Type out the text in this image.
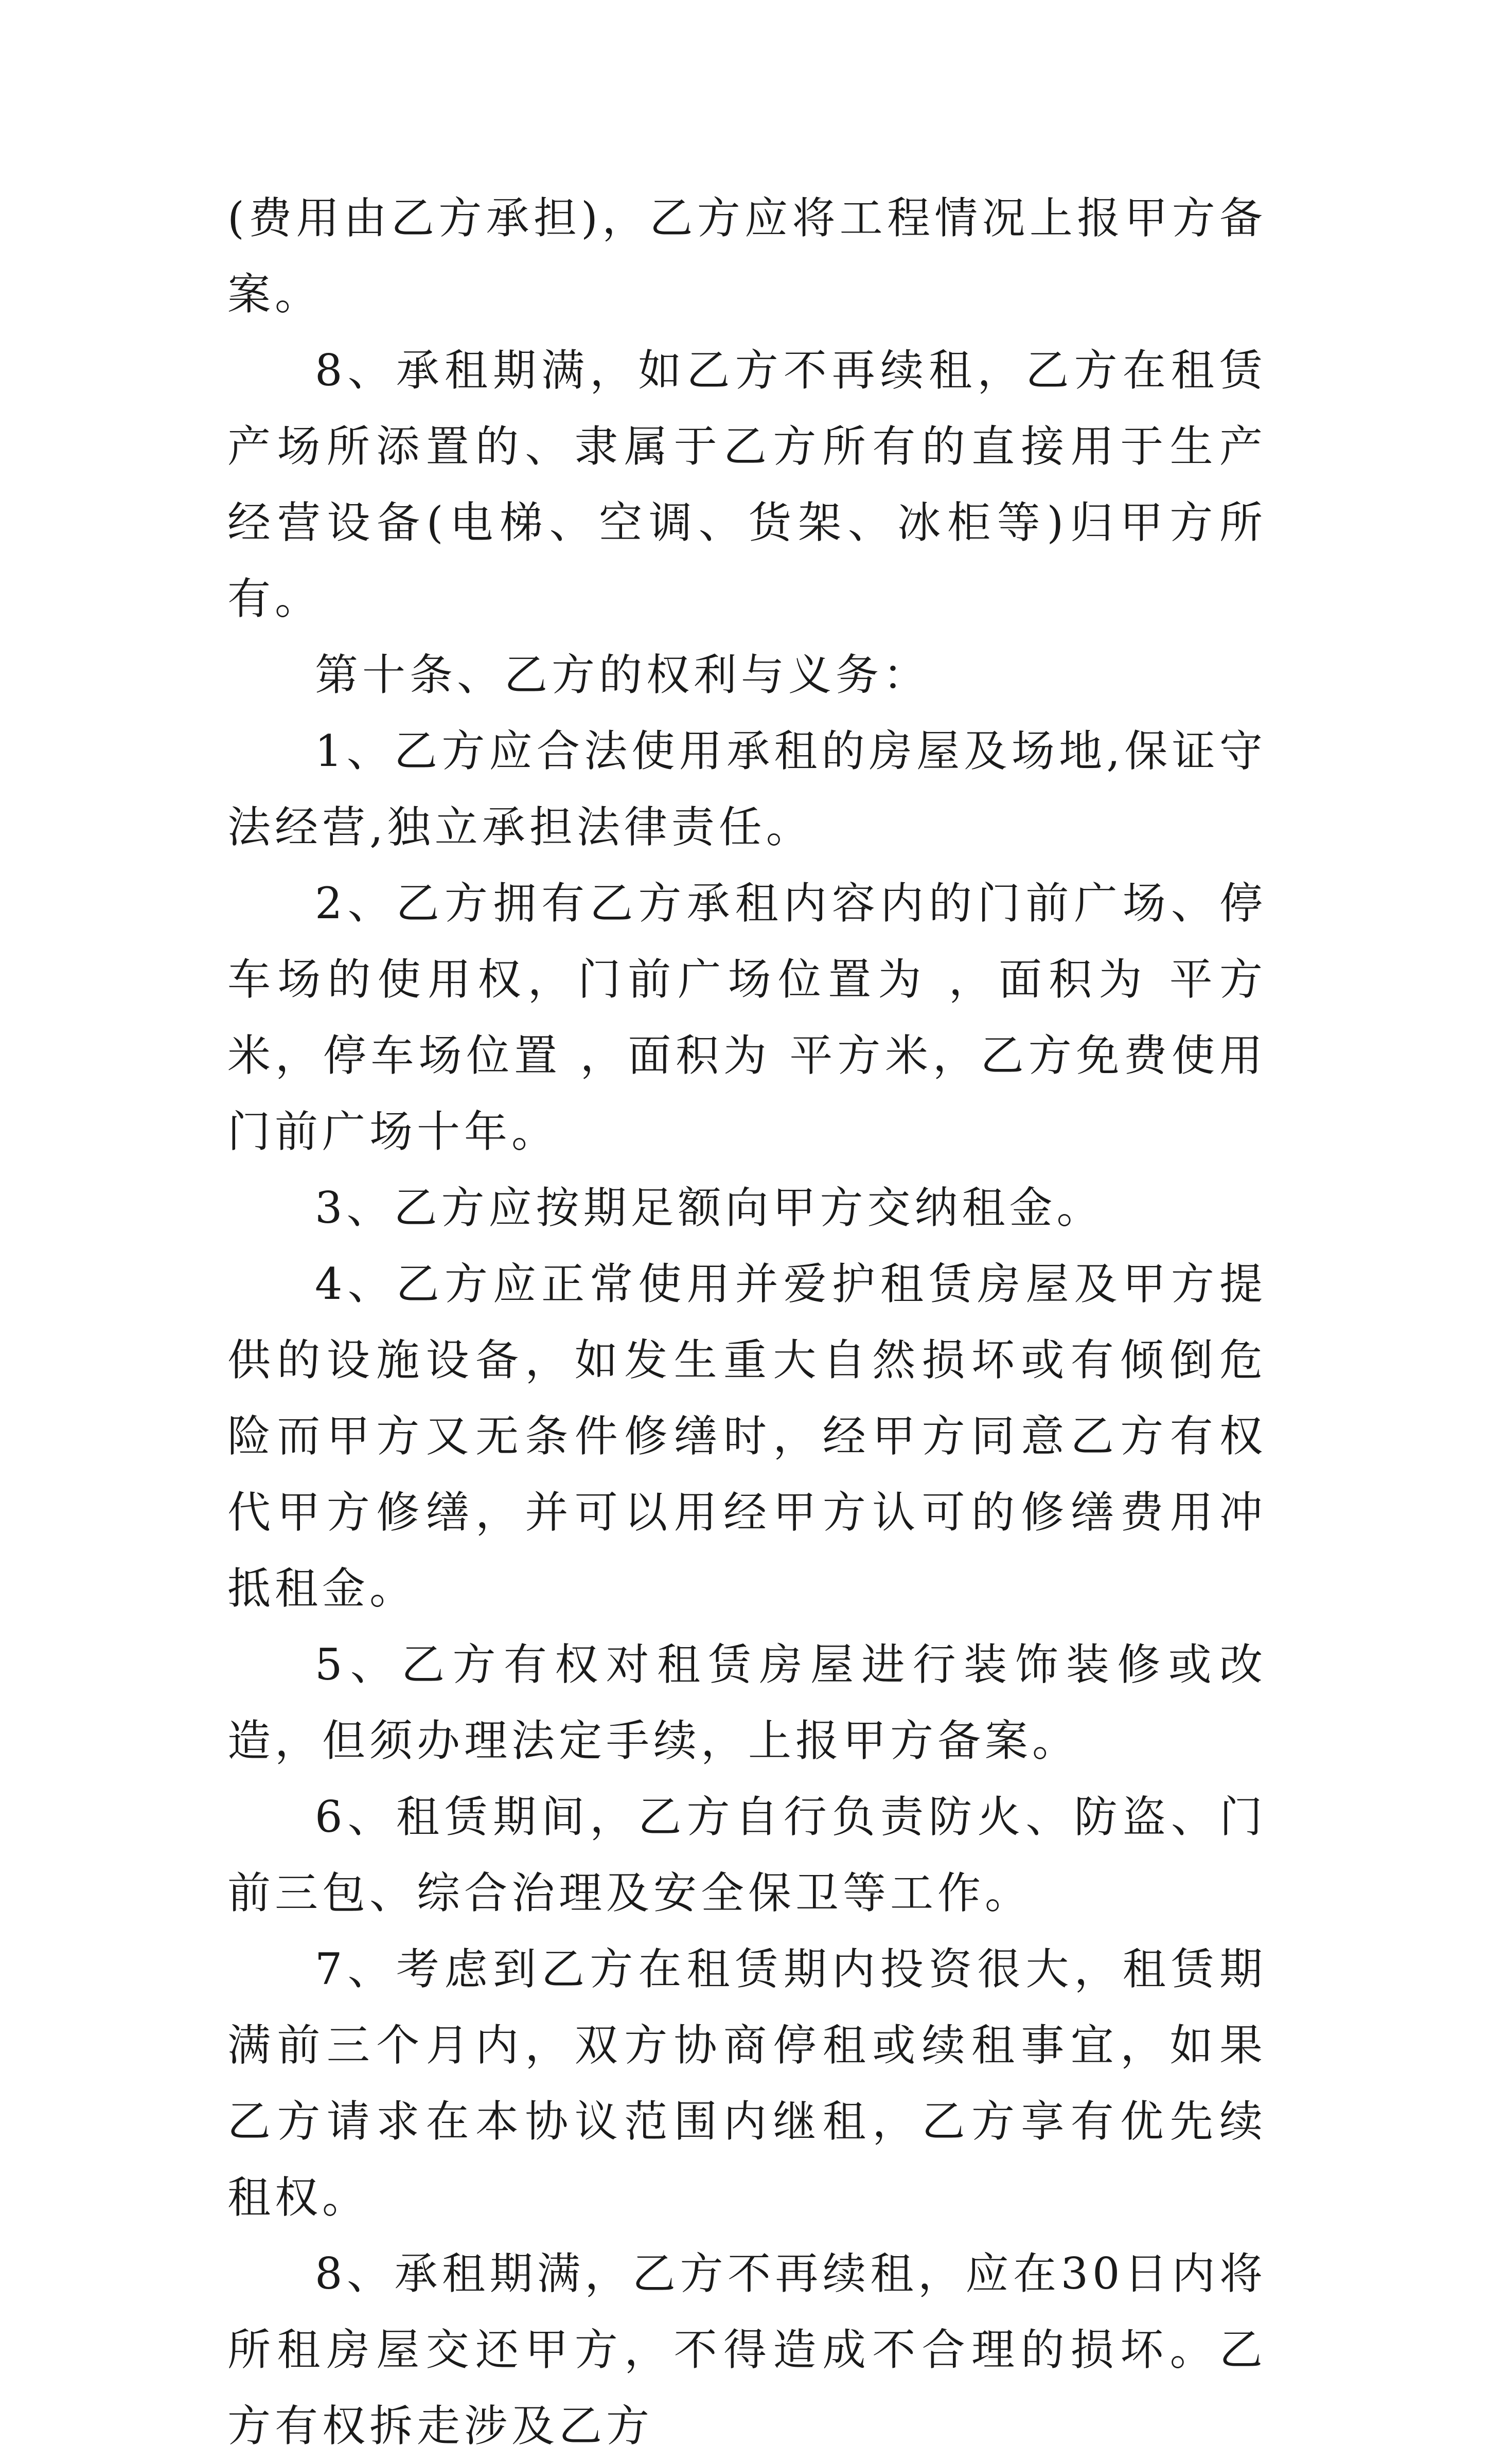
(费用由乙方承担)，乙方应将工程情况上报甲方备案。

8、承租期满，如乙方不再续租，乙方在租赁产场所添置的、隶属于乙方所有的直接用于生产经营设备(电梯、空调、货架、冰柜等)归甲方所有。

第十条、乙方的权利与义务：

1、乙方应合法使用承租的房屋及场地,保证守法经营,独立承担法律责任。

2、乙方拥有乙方承租内容内的门前广场、停车场的使用权，门前广场位置为 ，面积为 平方米，停车场位置 ，面积为 平方米，乙方免费使用门前广场十年。

3、乙方应按期足额向甲方交纳租金。

4、乙方应正常使用并爱护租赁房屋及甲方提供的设施设备，如发生重大自然损坏或有倾倒危险而甲方又无条件修缮时，经甲方同意乙方有权代甲方修缮，并可以用经甲方认可的修缮费用冲抵租金。

5、乙方有权对租赁房屋进行装饰装修或改造，但须办理法定手续，上报甲方备案。

6、租赁期间，乙方自行负责防火、防盗、门前三包、综合治理及安全保卫等工作。

7、考虑到乙方在租赁期内投资很大，租赁期满前三个月内，双方协商停租或续租事宜，如果乙方请求在本协议范围内继租，乙方享有优先续租权。

8、承租期满，乙方不再续租，应在30日内将所租房屋交还甲方，不得造成不合理的损坏。乙方有权拆走涉及乙方
